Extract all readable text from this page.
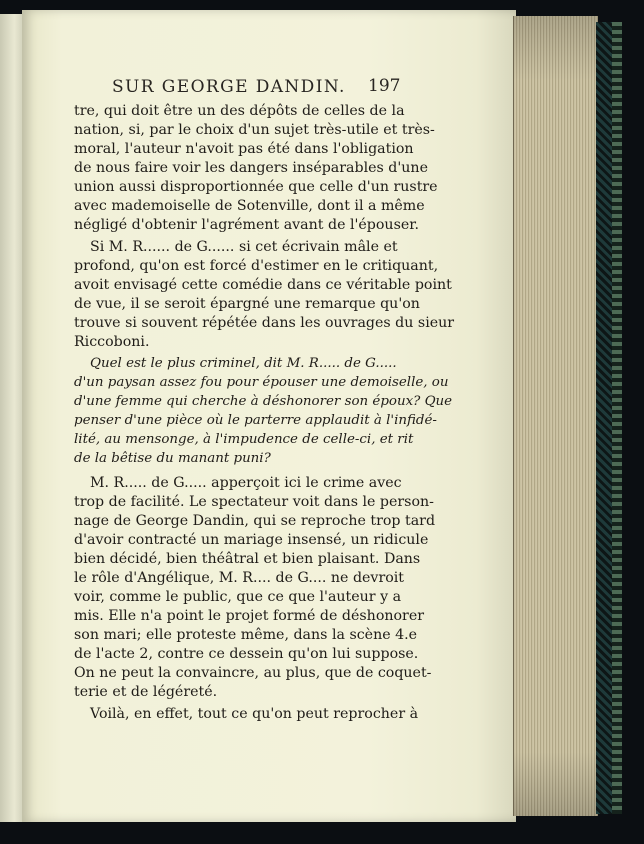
SUR GEORGE DANDIN.	197
tre, qui doit être un des dépôts de celles de la
nation, si, par le choix d'un sujet très-utile et très-
moral, l'auteur n'avoit pas été dans l'obligation
de nous faire voir les dangers inséparables d'une
union aussi disproportionnée que celle d'un rustre
avec mademoiselle de Sotenville, dont il a même
négligé d'obtenir l'agrément avant de l'épouser.
Si M. R...... de G...... si cet écrivain mâle et
profond, qu'on est forcé d'estimer en le critiquant,
avoit envisagé cette comédie dans ce véritable point
de vue, il se seroit épargné une remarque qu'on
trouve si souvent répétée dans les ouvrages du sieur
Riccoboni.
Quel est le plus criminel, dit M. R..... de G.....
d'un paysan assez fou pour épouser une demoiselle, ou
d'une femme qui cherche à déshonorer son époux? Que
penser d'une pièce où le parterre applaudit à l'infidé-
lité, au mensonge, à l'impudence de celle-ci, et rit
de la bêtise du manant puni?
M. R..... de G..... apperçoit ici le crime avec
trop de facilité. Le spectateur voit dans le person-
nage de George Dandin, qui se reproche trop tard
d'avoir contracté un mariage insensé, un ridicule
bien décidé, bien théâtral et bien plaisant. Dans
le rôle d'Angélique, M. R.... de G.... ne devroit
voir, comme le public, que ce que l'auteur y a
mis. Elle n'a point le projet formé de déshonorer
son mari; elle proteste même, dans la scène 4.e
de l'acte 2, contre ce dessein qu'on lui suppose.
On ne peut la convaincre, au plus, que de coquet-
terie et de légéreté.
Voilà, en effet, tout ce qu'on peut reprocher à
